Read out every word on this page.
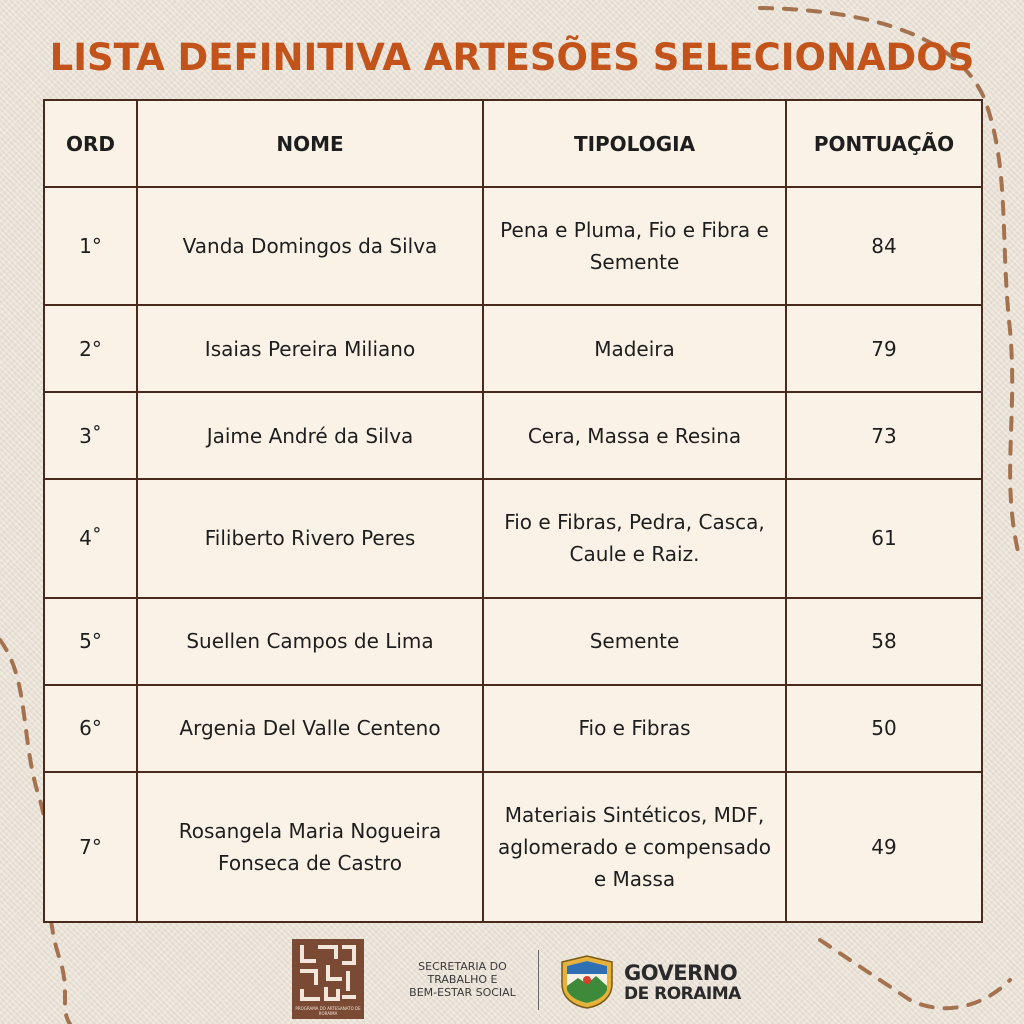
LISTA DEFINITIVA ARTESÕES SELECIONADOS
ORD	NOME	TIPOLOGIA	PONTUAÇÃO
1°	Vanda Domingos da Silva	Pena e Pluma, Fio e Fibra e Semente	84
2°	Isaias Pereira Miliano	Madeira	79
3˚	Jaime André da Silva	Cera, Massa e Resina	73
4˚	Filiberto Rivero Peres	Fio e Fibras, Pedra, Casca, Caule e Raiz.	61
5°	Suellen Campos de Lima	Semente	58
6°	Argenia Del Valle Centeno	Fio e Fibras	50
7°	Rosangela Maria Nogueira Fonseca de Castro	Materiais Sintéticos, MDF, aglomerado e compensado e Massa	49
PROGRAMA DO ARTESANATO DE RORAIMA
SECRETARIA DO
TRABALHO E
BEM-ESTAR SOCIAL
GOVERNO
DE RORAIMA
